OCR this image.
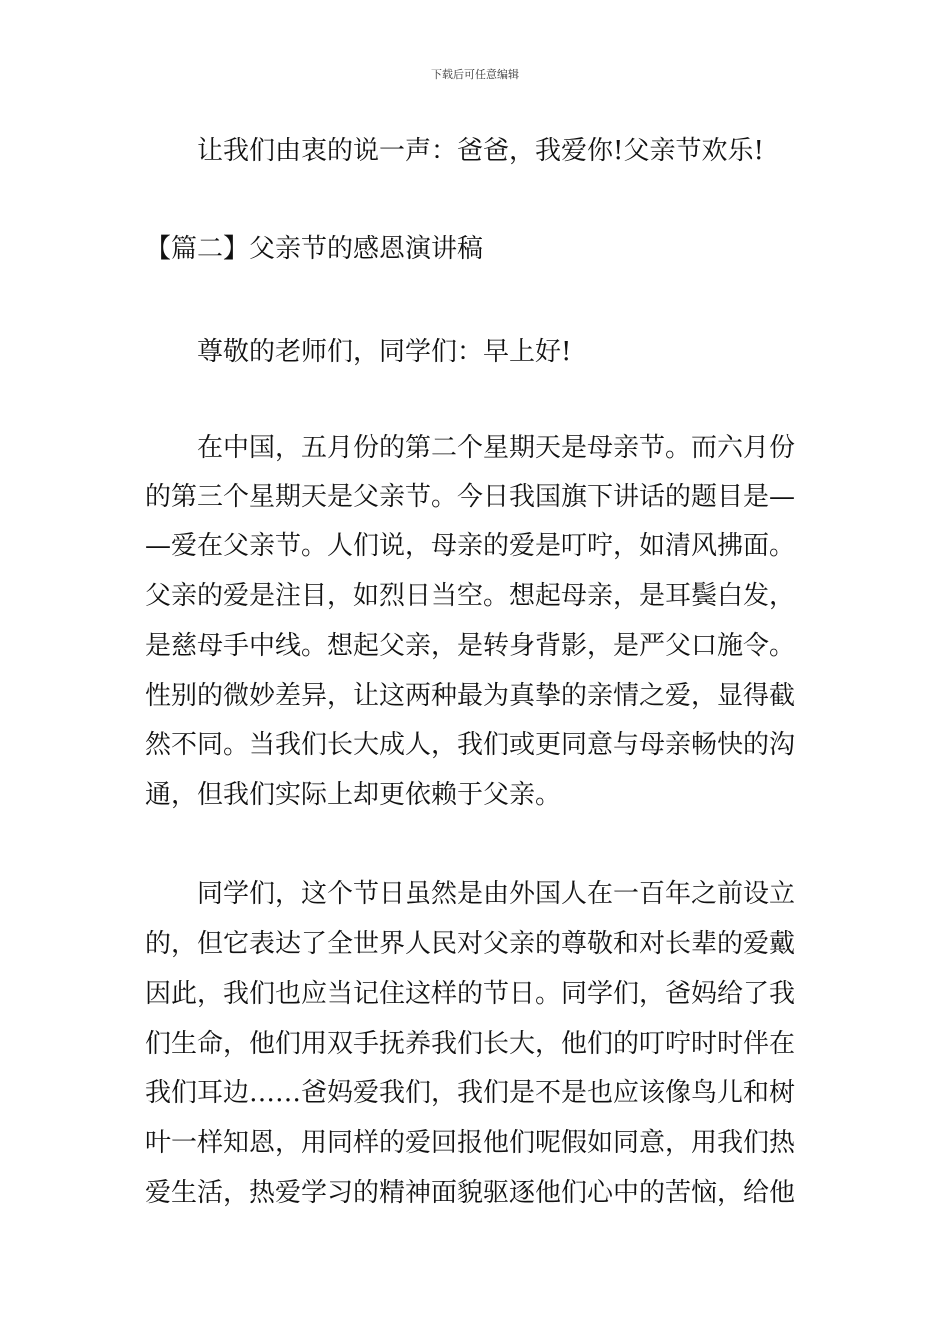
下载后可任意编辑
让我们由衷的说一声：爸爸，我爱你!父亲节欢乐!
【篇二】父亲节的感恩演讲稿
尊敬的老师们，同学们：早上好!
在中国，五月份的第二个星期天是母亲节。而六月份
的第三个星期天是父亲节。今日我国旗下讲话的题目是—
—爱在父亲节。人们说，母亲的爱是叮咛，如清风拂面。
父亲的爱是注目，如烈日当空。想起母亲，是耳鬓白发，
是慈母手中线。想起父亲，是转身背影，是严父口施令。
性别的微妙差异，让这两种最为真挚的亲情之爱，显得截
然不同。当我们长大成人，我们或更同意与母亲畅快的沟
通，但我们实际上却更依赖于父亲。
同学们，这个节日虽然是由外国人在一百年之前设立
的，但它表达了全世界人民对父亲的尊敬和对长辈的爱戴
因此，我们也应当记住这样的节日。同学们，爸妈给了我
们生命，他们用双手抚养我们长大，他们的叮咛时时伴在
我们耳边……爸妈爱我们，我们是不是也应该像鸟儿和树
叶一样知恩，用同样的爱回报他们呢假如同意，用我们热
爱生活，热爱学习的精神面貌驱逐他们心中的苦恼，给他
